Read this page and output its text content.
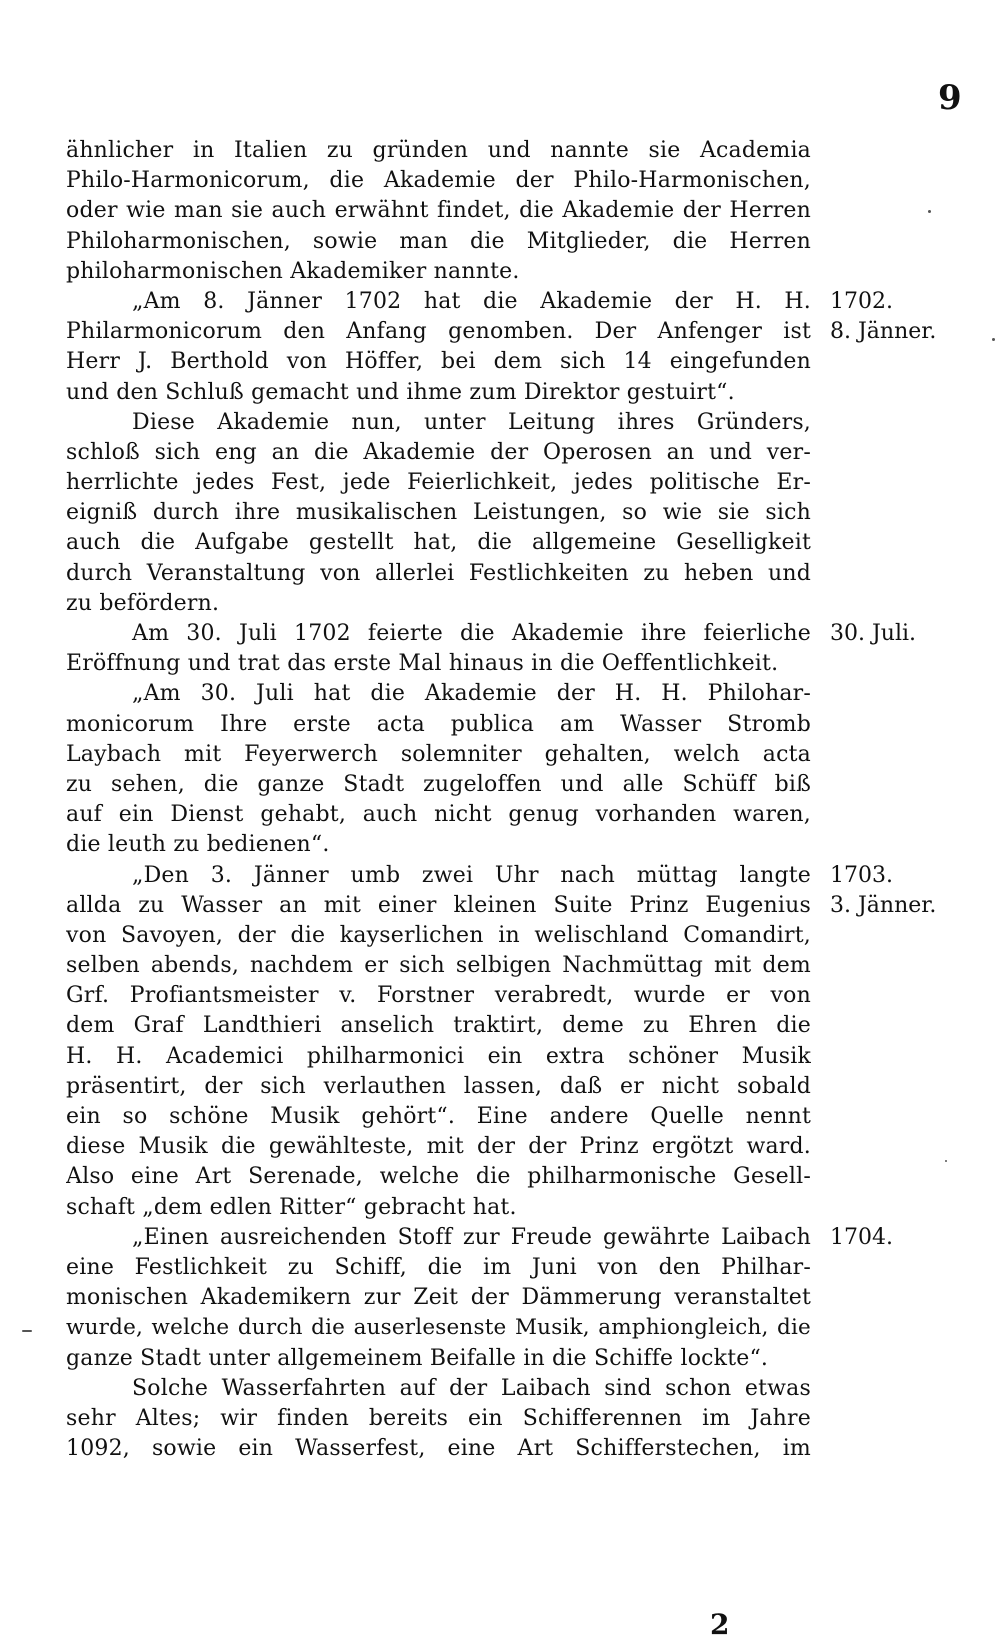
9
ähnlicher in Italien zu gründen und nannte sie Academia
Philo-Harmonicorum, die Akademie der Philo-Harmonischen,
oder wie man sie auch erwähnt findet, die Akademie der Herren
Philoharmonischen, sowie man die Mitglieder, die Herren
philoharmonischen Akademiker nannte.
„Am 8. Jänner 1702 hat die Akademie der H. H.
Philarmonicorum den Anfang genomben. Der Anfenger ist
Herr J. Berthold von Höffer, bei dem sich 14 eingefunden
und den Schluß gemacht und ihme zum Direktor gestuirt“.
Diese Akademie nun, unter Leitung ihres Gründers,
schloß sich eng an die Akademie der Operosen an und ver-
herrlichte jedes Fest, jede Feierlichkeit, jedes politische Er-
eigniß durch ihre musikalischen Leistungen, so wie sie sich
auch die Aufgabe gestellt hat, die allgemeine Geselligkeit
durch Veranstaltung von allerlei Festlichkeiten zu heben und
zu befördern.
Am 30. Juli 1702 feierte die Akademie ihre feierliche
Eröffnung und trat das erste Mal hinaus in die Oeffentlichkeit.
„Am 30. Juli hat die Akademie der H. H. Philohar-
monicorum Ihre erste acta publica am Wasser Stromb
Laybach mit Feyerwerch solemniter gehalten, welch acta
zu sehen, die ganze Stadt zugeloffen und alle Schüff biß
auf ein Dienst gehabt, auch nicht genug vorhanden waren,
die leuth zu bedienen“.
„Den 3. Jänner umb zwei Uhr nach müttag langte
allda zu Wasser an mit einer kleinen Suite Prinz Eugenius
von Savoyen, der die kayserlichen in welischland Comandirt,
selben abends, nachdem er sich selbigen Nachmüttag mit dem
Grf. Profiantsmeister v. Forstner verabredt, wurde er von
dem Graf Landthieri anselich traktirt, deme zu Ehren die
H. H. Academici philharmonici ein extra schöner Musik
präsentirt, der sich verlauthen lassen, daß er nicht sobald
ein so schöne Musik gehört“. Eine andere Quelle nennt
diese Musik die gewählteste, mit der der Prinz ergötzt ward.
Also eine Art Serenade, welche die philharmonische Gesell-
schaft „dem edlen Ritter“ gebracht hat.
„Einen ausreichenden Stoff zur Freude gewährte Laibach
eine Festlichkeit zu Schiff, die im Juni von den Philhar-
monischen Akademikern zur Zeit der Dämmerung veranstaltet
wurde, welche durch die auserlesenste Musik, amphiongleich, die
ganze Stadt unter allgemeinem Beifalle in die Schiffe lockte“.
Solche Wasserfahrten auf der Laibach sind schon etwas
sehr Altes; wir finden bereits ein Schifferennen im Jahre
1092, sowie ein Wasserfest, eine Art Schifferstechen, im
1702.
8. Jänner.
30. Juli.
1703.
3. Jänner.
1704.
2
